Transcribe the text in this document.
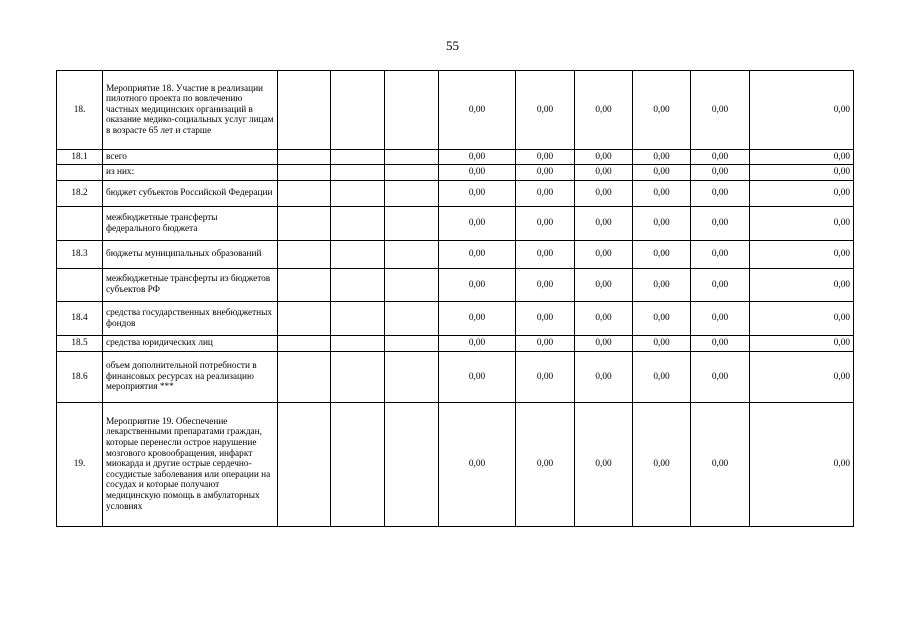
55
18.	Мероприятие 18. Участие в реализации пилотного проекта по вовлечению частных медицинских организаций в оказание медико-социальных услуг лицам в возрасте 65 лет и старше				0,00	0,00	0,00	0,00	0,00	0,00
18.1	всего				0,00	0,00	0,00	0,00	0,00	0,00
	из них:				0,00	0,00	0,00	0,00	0,00	0,00
18.2	бюджет субъектов Российской Федерации				0,00	0,00	0,00	0,00	0,00	0,00
	межбюджетные трансферты федерального бюджета				0,00	0,00	0,00	0,00	0,00	0,00
18.3	бюджеты муниципальных образований				0,00	0,00	0,00	0,00	0,00	0,00
	межбюджетные трансферты из бюджетов субъектов РФ				0,00	0,00	0,00	0,00	0,00	0,00
18.4	средства государственных внебюджетных фондов				0,00	0,00	0,00	0,00	0,00	0,00
18.5	средства юридических лиц				0,00	0,00	0,00	0,00	0,00	0,00
18.6	объем дополнительной потребности в финансовых ресурсах на реализацию мероприятия ***				0,00	0,00	0,00	0,00	0,00	0,00
19.	Мероприятие 19. Обеспечение лекарственными препаратами граждан, которые перенесли острое нарушение мозгового кровообращения, инфаркт миокарда и другие острые сердечно-сосудистые заболевания или операции на сосудах и которые получают медицинскую помощь в амбулаторных условиях				0,00	0,00	0,00	0,00	0,00	0,00
